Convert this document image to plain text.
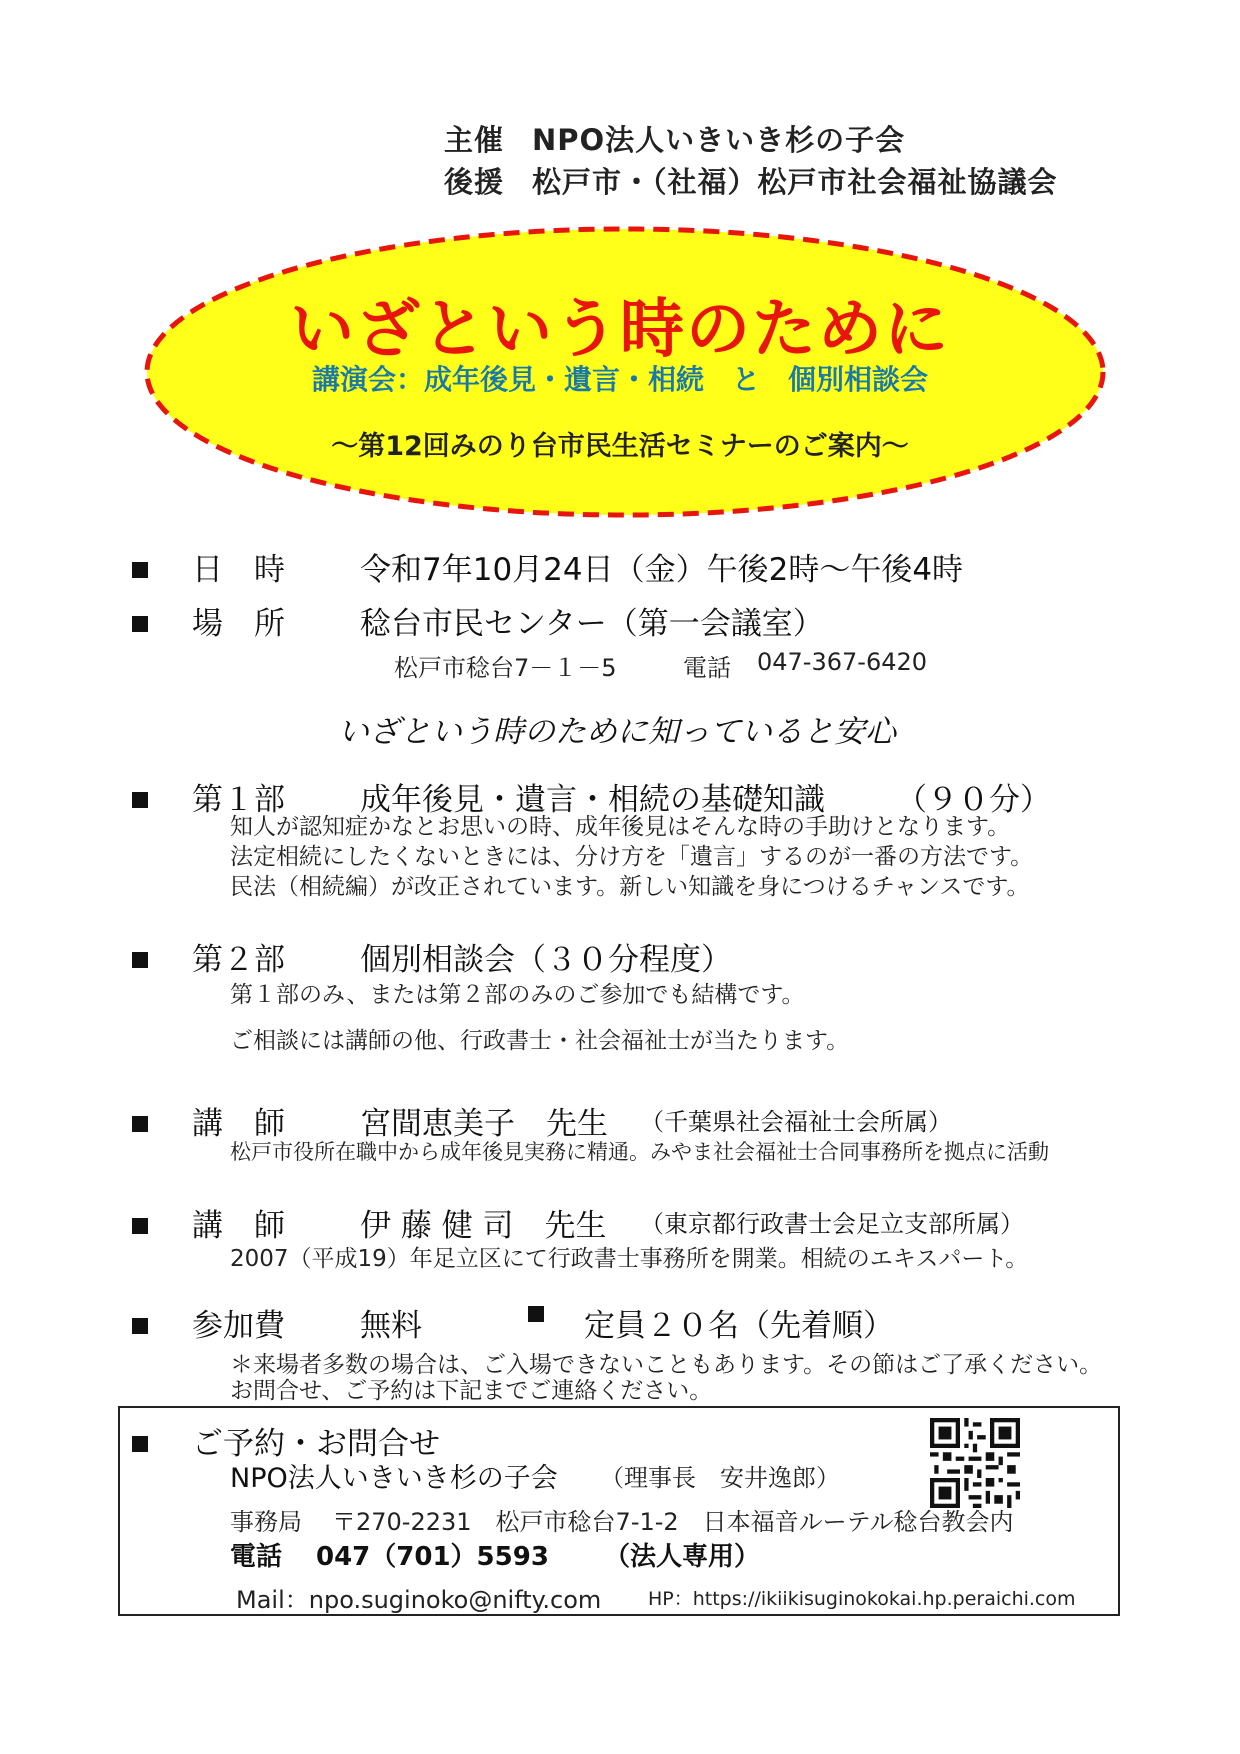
主催 NPO法人いきいき杉の子会
後援 松戸市・（社福）松戸市社会福祉協議会
いざという時のために
講演会：成年後見・遺言・相続　と　個別相談会
～第12回みのり台市民生活セミナーのご案内～
日　時 令和7年10月24日（金）午後2時～午後4時
場　所 稔台市民センター（第一会議室）
松戸市稔台7－１－5	電話 047-367-6420
いざという時のために知っていると安心
第１部 成年後見・遺言・相続の基礎知識 （９０分）
知人が認知症かなとお思いの時、成年後見はそんな時の手助けとなります。
法定相続にしたくないときには、分け方を「遺言」するのが一番の方法です。
民法（相続編）が改正されています。新しい知識を身につけるチャンスです。
第２部 個別相談会（３０分程度）
第１部のみ、または第２部のみのご参加でも結構です。
ご相談には講師の他、行政書士・社会福祉士が当たります。
講　師 宮間恵美子　先生 （千葉県社会福祉士会所属）
松戸市役所在職中から成年後見実務に精通。みやま社会福祉士合同事務所を拠点に活動
講　師 伊 藤 健 司　先生 （東京都行政書士会足立支部所属）
2007（平成19）年足立区にて行政書士事務所を開業。相続のエキスパート。
参加費 無料	定員２０名（先着順）
＊来場者多数の場合は、ご入場できないこともあります。その節はご了承ください。
お問合せ、ご予約は下記までご連絡ください。
ご予約・お問合せ
NPO法人いきいき杉の子会 （理事長　安井逸郎）
事務局 〒270-2231　松戸市稔台7-1-2　日本福音ルーテル稔台教会内
電話 047（701）5593 （法人専用）
Mail：npo.suginoko@nifty.com HP：https://ikiikisuginokokai.hp.peraichi.com
